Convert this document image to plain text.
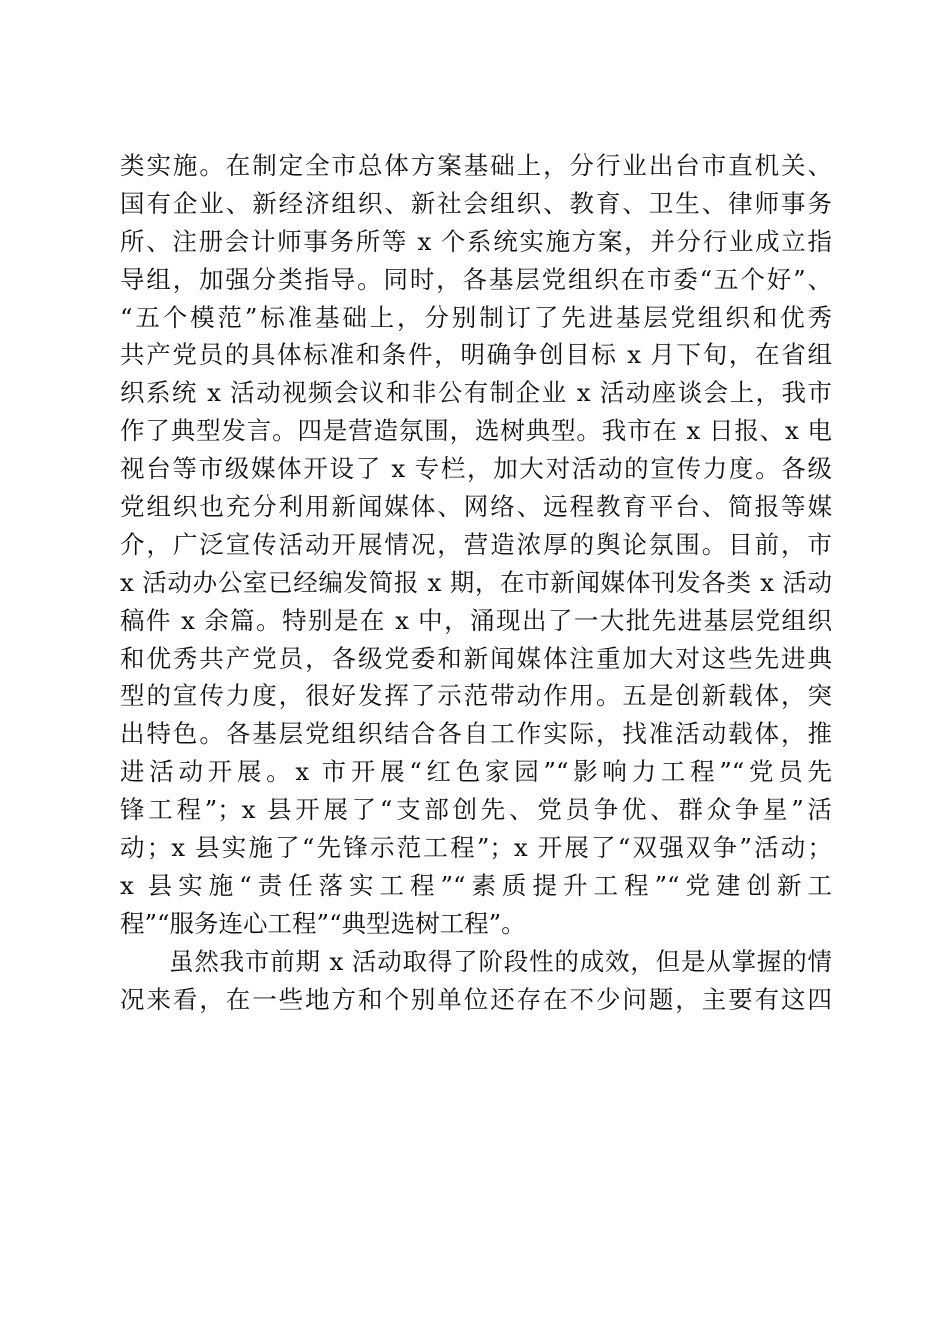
类实施。在制定全市总体方案基础上，分行业出台市直机关、
国有企业、新经济组织、新社会组织、教育、卫生、律师事务
所、注册会计师事务所等 x 个系统实施方案，并分行业成立指
导组，加强分类指导。同时，各基层党组织在市委“五个好”、
“五个模范”标准基础上，分别制订了先进基层党组织和优秀
共产党员的具体标准和条件，明确争创目标 x 月下旬，在省组
织系统 x 活动视频会议和非公有制企业 x 活动座谈会上，我市
作了典型发言。四是营造氛围，选树典型。我市在 x 日报、x 电
视台等市级媒体开设了 x 专栏，加大对活动的宣传力度。各级
党组织也充分利用新闻媒体、网络、远程教育平台、简报等媒
介，广泛宣传活动开展情况，营造浓厚的舆论氛围。目前，市
x 活动办公室已经编发简报 x 期，在市新闻媒体刊发各类 x 活动
稿件 x 余篇。特别是在 x 中，涌现出了一大批先进基层党组织
和优秀共产党员，各级党委和新闻媒体注重加大对这些先进典
型的宣传力度，很好发挥了示范带动作用。五是创新载体，突
出特色。各基层党组织结合各自工作实际，找准活动载体，推
进活动开展。x 市开展“红色家园”“影响力工程”“党员先
锋工程”；x 县开展了“支部创先、党员争优、群众争星”活
动；x 县实施了“先锋示范工程”；x 开展了“双强双争”活动；
x 县实施“责任落实工程”“素质提升工程”“党建创新工
程”“服务连心工程”“典型选树工程”。
虽然我市前期 x 活动取得了阶段性的成效，但是从掌握的情
况来看，在一些地方和个别单位还存在不少问题，主要有这四
